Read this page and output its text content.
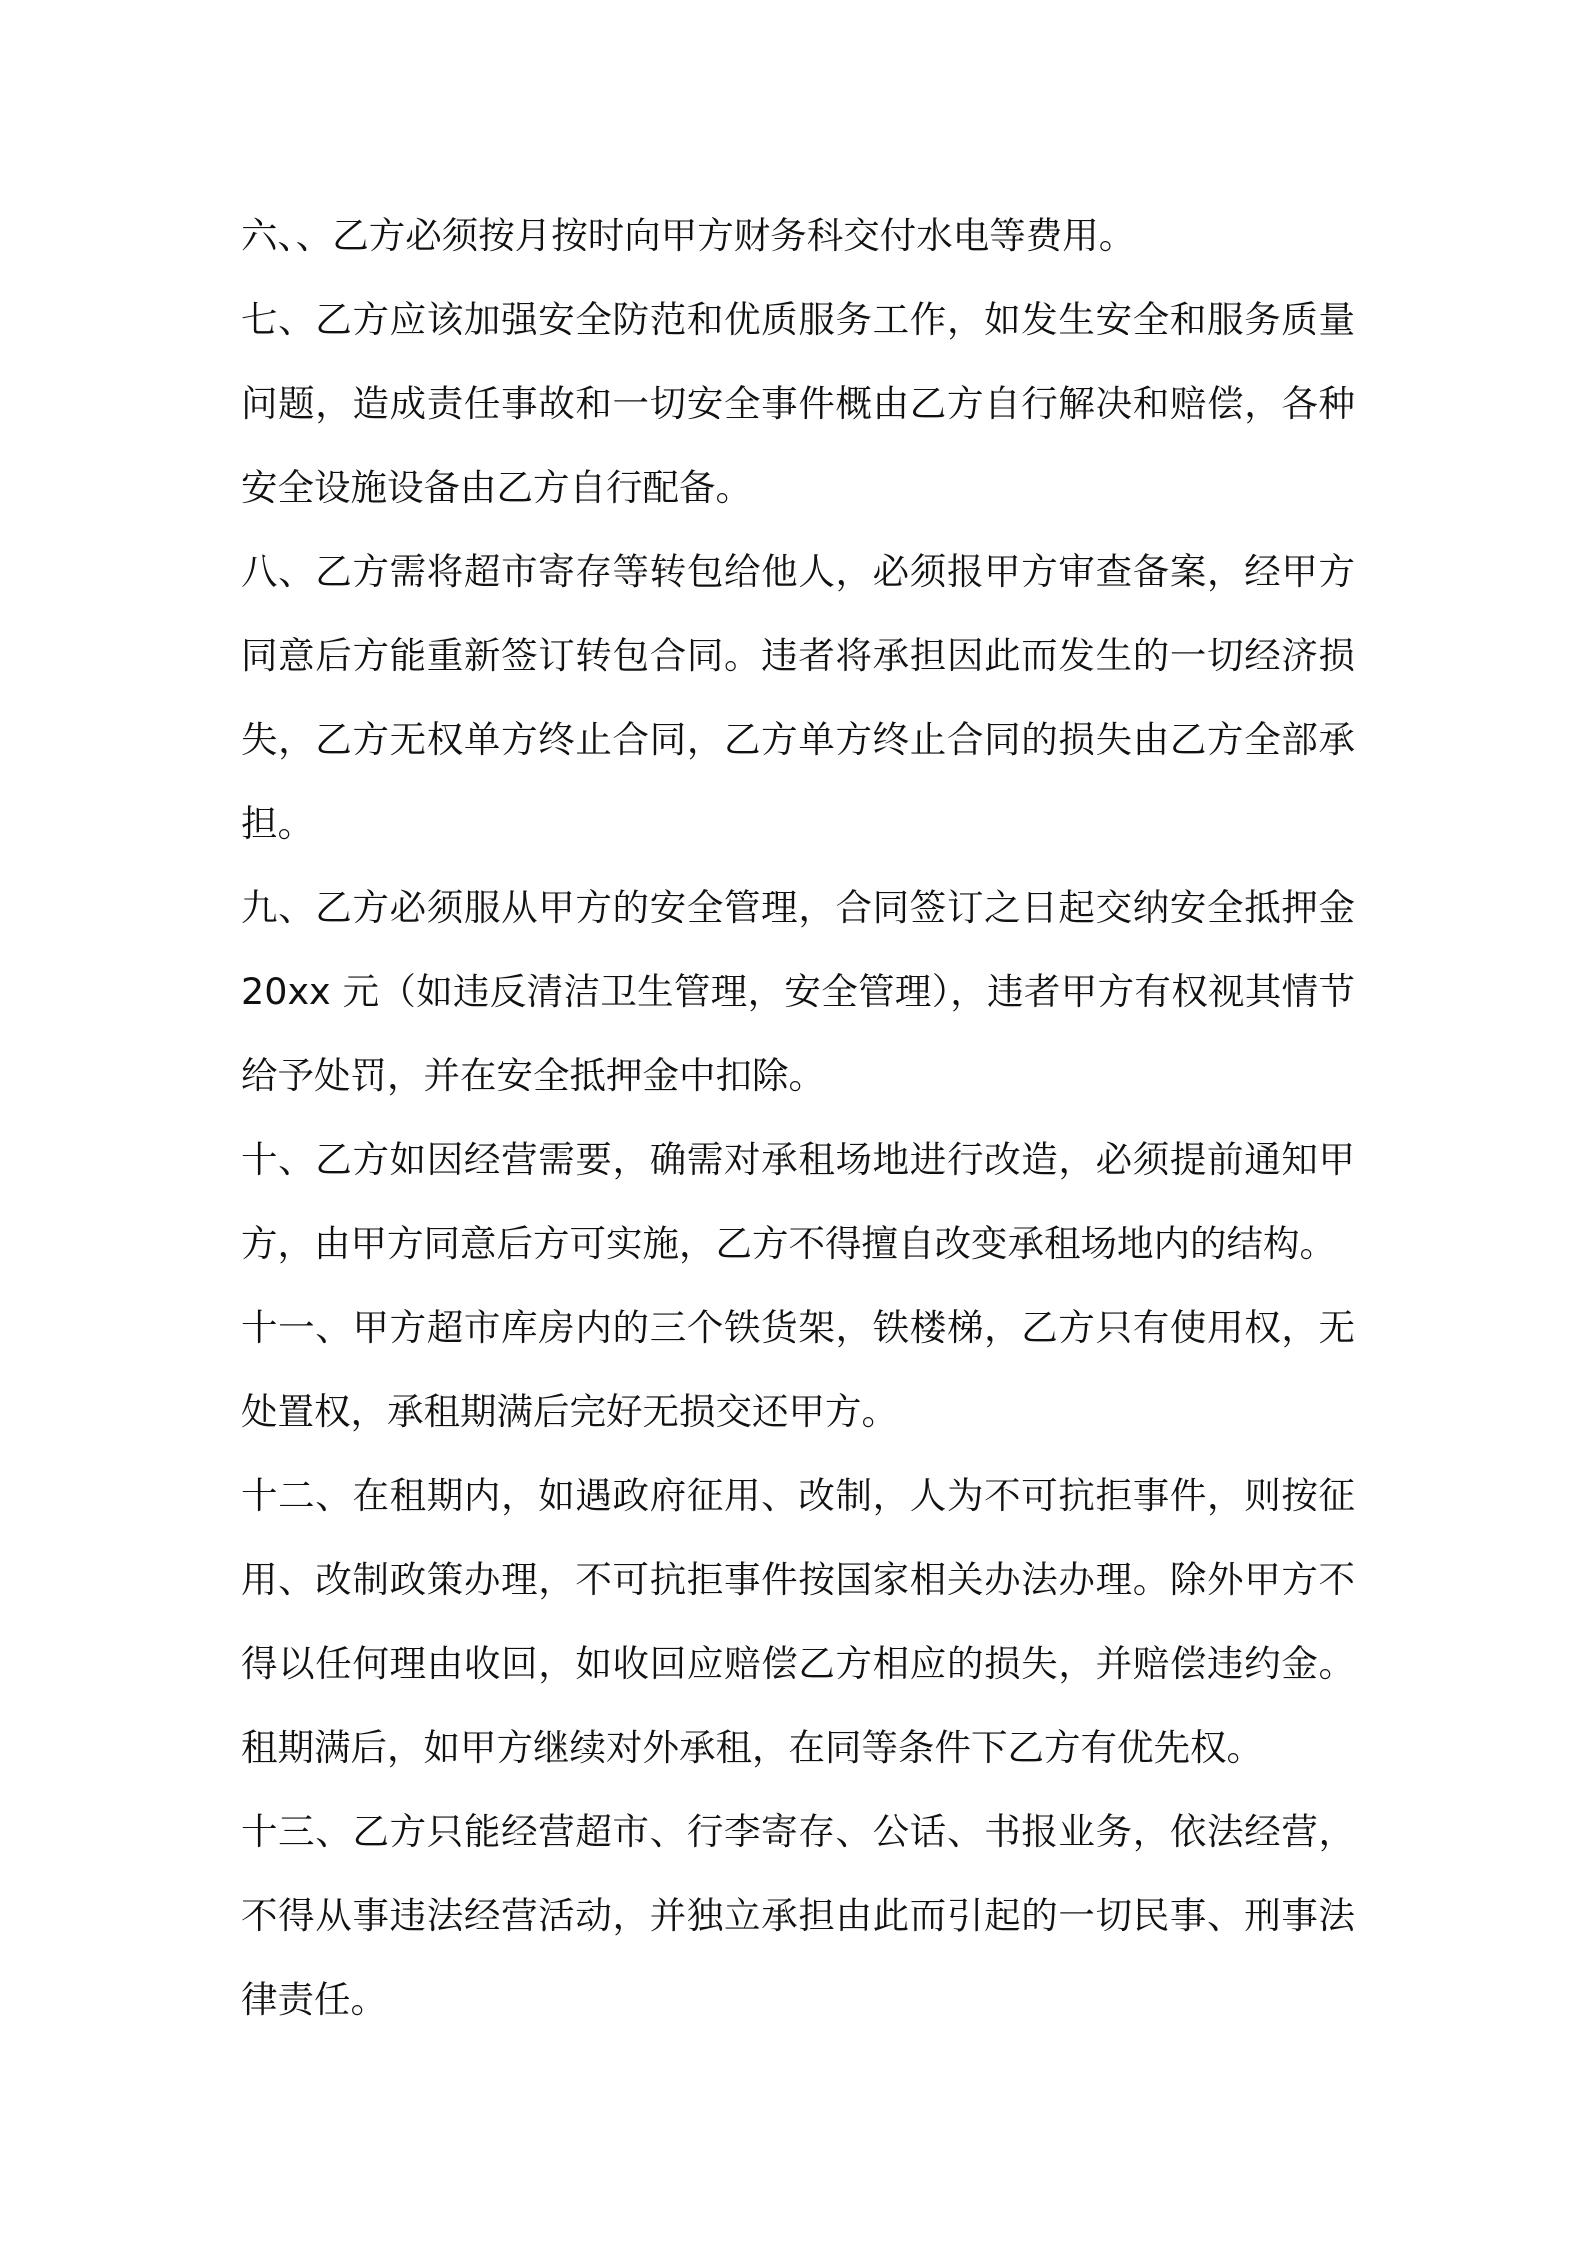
六、、乙方必须按月按时向甲方财务科交付水电等费用。

七、乙方应该加强安全防范和优质服务工作，如发生安全和服务质量问题，造成责任事故和一切安全事件概由乙方自行解决和赔偿，各种安全设施设备由乙方自行配备。

八、乙方需将超市寄存等转包给他人，必须报甲方审查备案，经甲方同意后方能重新签订转包合同。违者将承担因此而发生的一切经济损失，乙方无权单方终止合同，乙方单方终止合同的损失由乙方全部承担。

九、乙方必须服从甲方的安全管理，合同签订之日起交纳安全抵押金20xx 元（如违反清洁卫生管理，安全管理），违者甲方有权视其情节给予处罚，并在安全抵押金中扣除。

十、乙方如因经营需要，确需对承租场地进行改造，必须提前通知甲方，由甲方同意后方可实施，乙方不得擅自改变承租场地内的结构。

十一、甲方超市库房内的三个铁货架，铁楼梯，乙方只有使用权，无处置权，承租期满后完好无损交还甲方。

十二、在租期内，如遇政府征用、改制，人为不可抗拒事件，则按征用、改制政策办理，不可抗拒事件按国家相关办法办理。除外甲方不得以任何理由收回，如收回应赔偿乙方相应的损失，并赔偿违约金。租期满后，如甲方继续对外承租，在同等条件下乙方有优先权。

十三、乙方只能经营超市、行李寄存、公话、书报业务，依法经营，不得从事违法经营活动，并独立承担由此而引起的一切民事、刑事法律责任。
